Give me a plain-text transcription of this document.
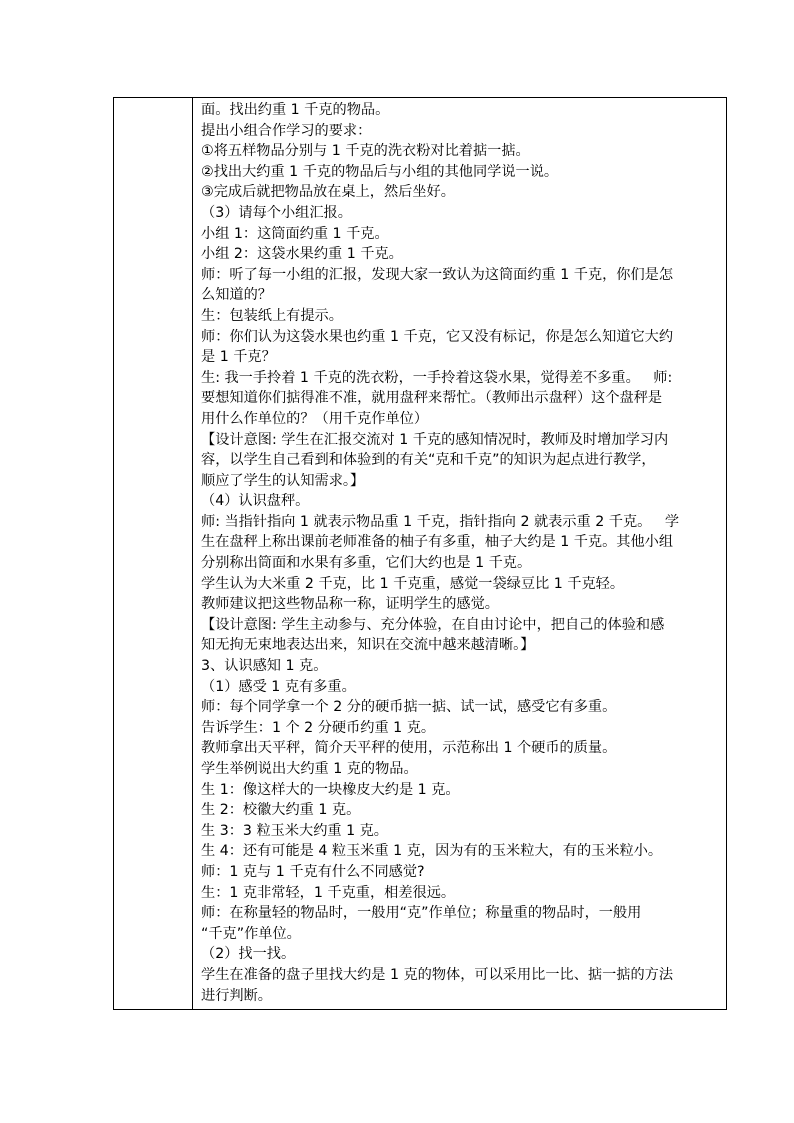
面。找出约重 1 千克的物品。
提出小组合作学习的要求：
①将五样物品分别与 1 千克的洗衣粉对比着掂一掂。
②找出大约重 1 千克的物品后与小组的其他同学说一说。
③完成后就把物品放在桌上，然后坐好。
（3）请每个小组汇报。
小组 1：这筒面约重 1 千克。
小组 2：这袋水果约重 1 千克。
师：听了每一小组的汇报，发现大家一致认为这筒面约重 1 千克，你们是怎
么知道的？
生：包装纸上有提示。
师：你们认为这袋水果也约重 1 千克，它又没有标记，你是怎么知道它大约
是 1 千克？
生: 我一手拎着 1 千克的洗衣粉，一手拎着这袋水果，觉得差不多重。   师:
要想知道你们掂得准不准，就用盘秤来帮忙。（教师出示盘秤）这个盘秤是
用什么作单位的？（用千克作单位）
【设计意图: 学生在汇报交流对 1 千克的感知情况时，教师及时增加学习内
容，以学生自己看到和体验到的有关“克和千克”的知识为起点进行教学，
顺应了学生的认知需求。】
（4）认识盘秤。
师: 当指针指向 1 就表示物品重 1 千克，指针指向 2 就表示重 2 千克。   学
生在盘秤上称出课前老师准备的柚子有多重，柚子大约是 1 千克。其他小组
分别称出筒面和水果有多重，它们大约也是 1 千克。
学生认为大米重 2 千克，比 1 千克重，感觉一袋绿豆比 1 千克轻。
教师建议把这些物品称一称，证明学生的感觉。
【设计意图: 学生主动参与、充分体验，在自由讨论中，把自己的体验和感
知无拘无束地表达出来，知识在交流中越来越清晰。】
3、认识感知 1 克。
（1）感受 1 克有多重。
师：每个同学拿一个 2 分的硬币掂一掂、试一试，感受它有多重。
告诉学生：1 个 2 分硬币约重 1 克。
教师拿出天平秤，简介天平秤的使用，示范称出 1 个硬币的质量。
学生举例说出大约重 1 克的物品。
生 1：像这样大的一块橡皮大约是 1 克。
生 2：校徽大约重 1 克。
生 3：3 粒玉米大约重 1 克。
生 4：还有可能是 4 粒玉米重 1 克，因为有的玉米粒大，有的玉米粒小。
师：1 克与 1 千克有什么不同感觉?
生：1 克非常轻，1 千克重，相差很远。
师：在称量轻的物品时，一般用“克”作单位；称量重的物品时，一般用
“千克”作单位。
（2）找一找。
学生在准备的盘子里找大约是 1 克的物体，可以采用比一比、掂一掂的方法
进行判断。
